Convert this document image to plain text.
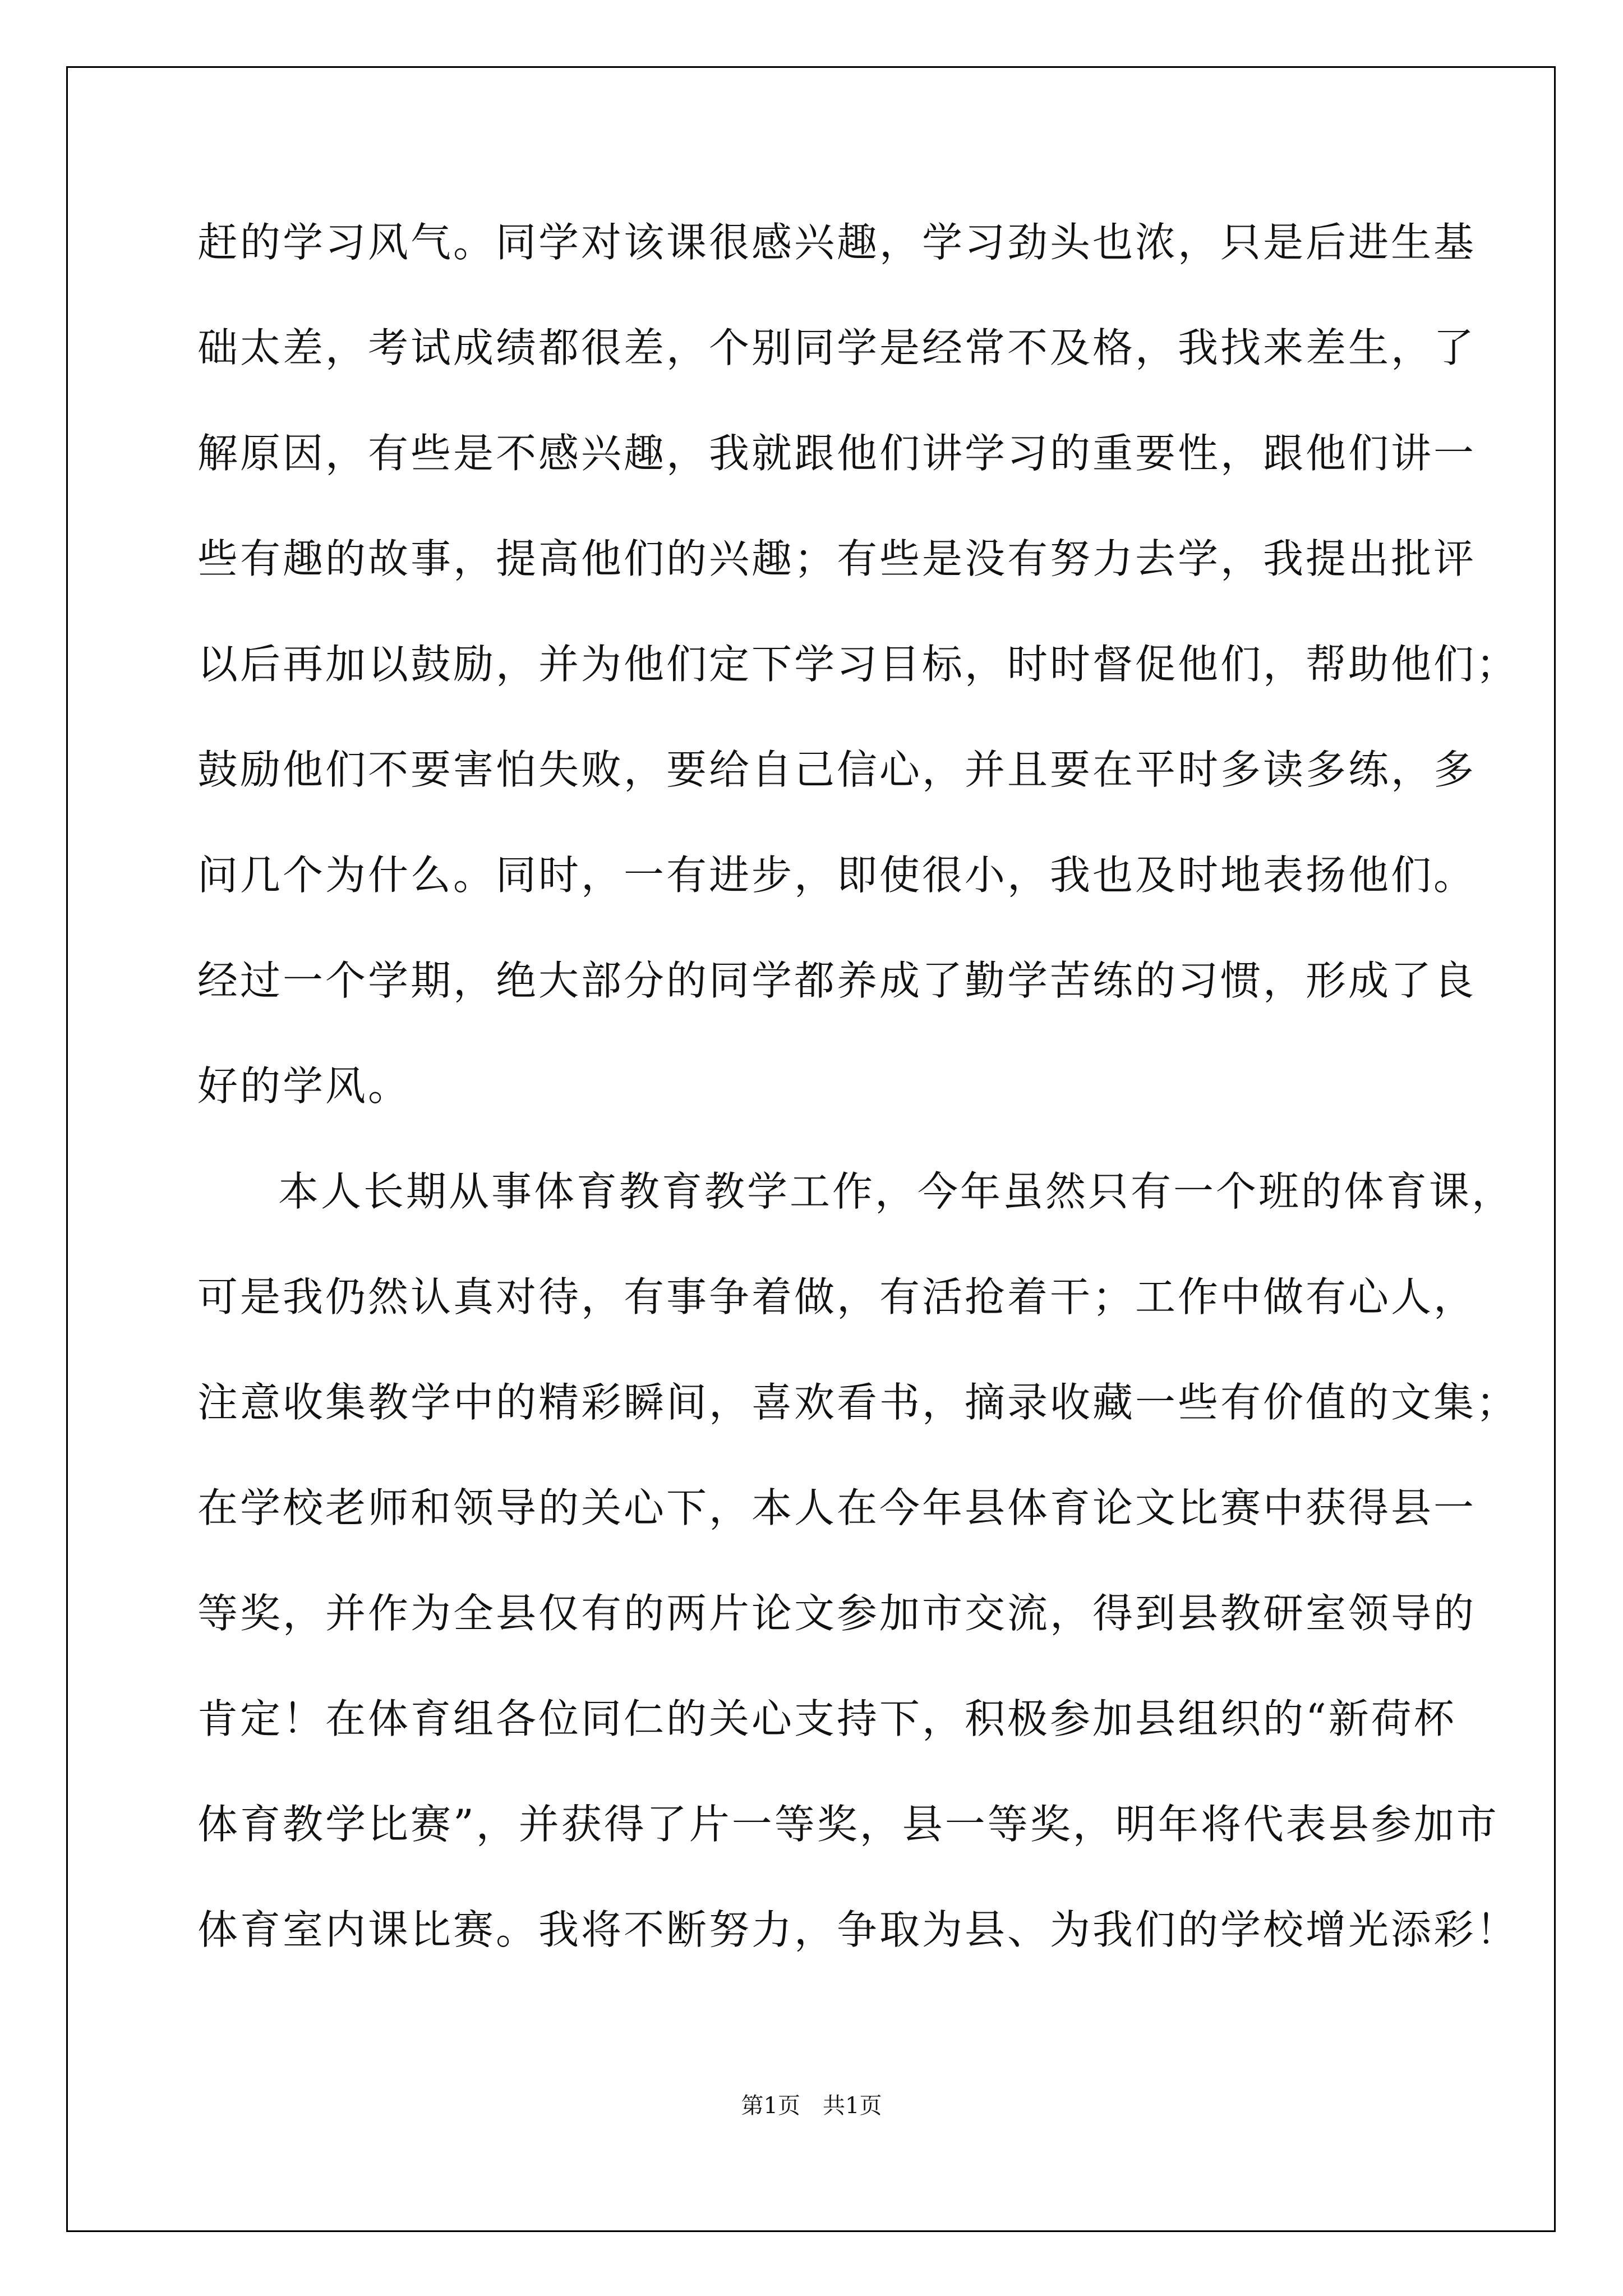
赶的学习风气。同学对该课很感兴趣，学习劲头也浓，只是后进生基
础太差，考试成绩都很差，个别同学是经常不及格，我找来差生，了
解原因，有些是不感兴趣，我就跟他们讲学习的重要性，跟他们讲一
些有趣的故事，提高他们的兴趣；有些是没有努力去学，我提出批评
以后再加以鼓励，并为他们定下学习目标，时时督促他们，帮助他们；
鼓励他们不要害怕失败，要给自己信心，并且要在平时多读多练，多
问几个为什么。同时，一有进步，即使很小，我也及时地表扬他们。
经过一个学期，绝大部分的同学都养成了勤学苦练的习惯，形成了良
好的学风。
本人长期从事体育教育教学工作，今年虽然只有一个班的体育课，
可是我仍然认真对待，有事争着做，有活抢着干；工作中做有心人，
注意收集教学中的精彩瞬间，喜欢看书，摘录收藏一些有价值的文集；
在学校老师和领导的关心下，本人在今年县体育论文比赛中获得县一
等奖，并作为全县仅有的两片论文参加市交流，得到县教研室领导的
肯定！在体育组各位同仁的关心支持下，积极参加县组织的“新荷杯
体育教学比赛”，并获得了片一等奖，县一等奖，明年将代表县参加市
体育室内课比赛。我将不断努力，争取为县、为我们的学校增光添彩！
第1页　共1页
